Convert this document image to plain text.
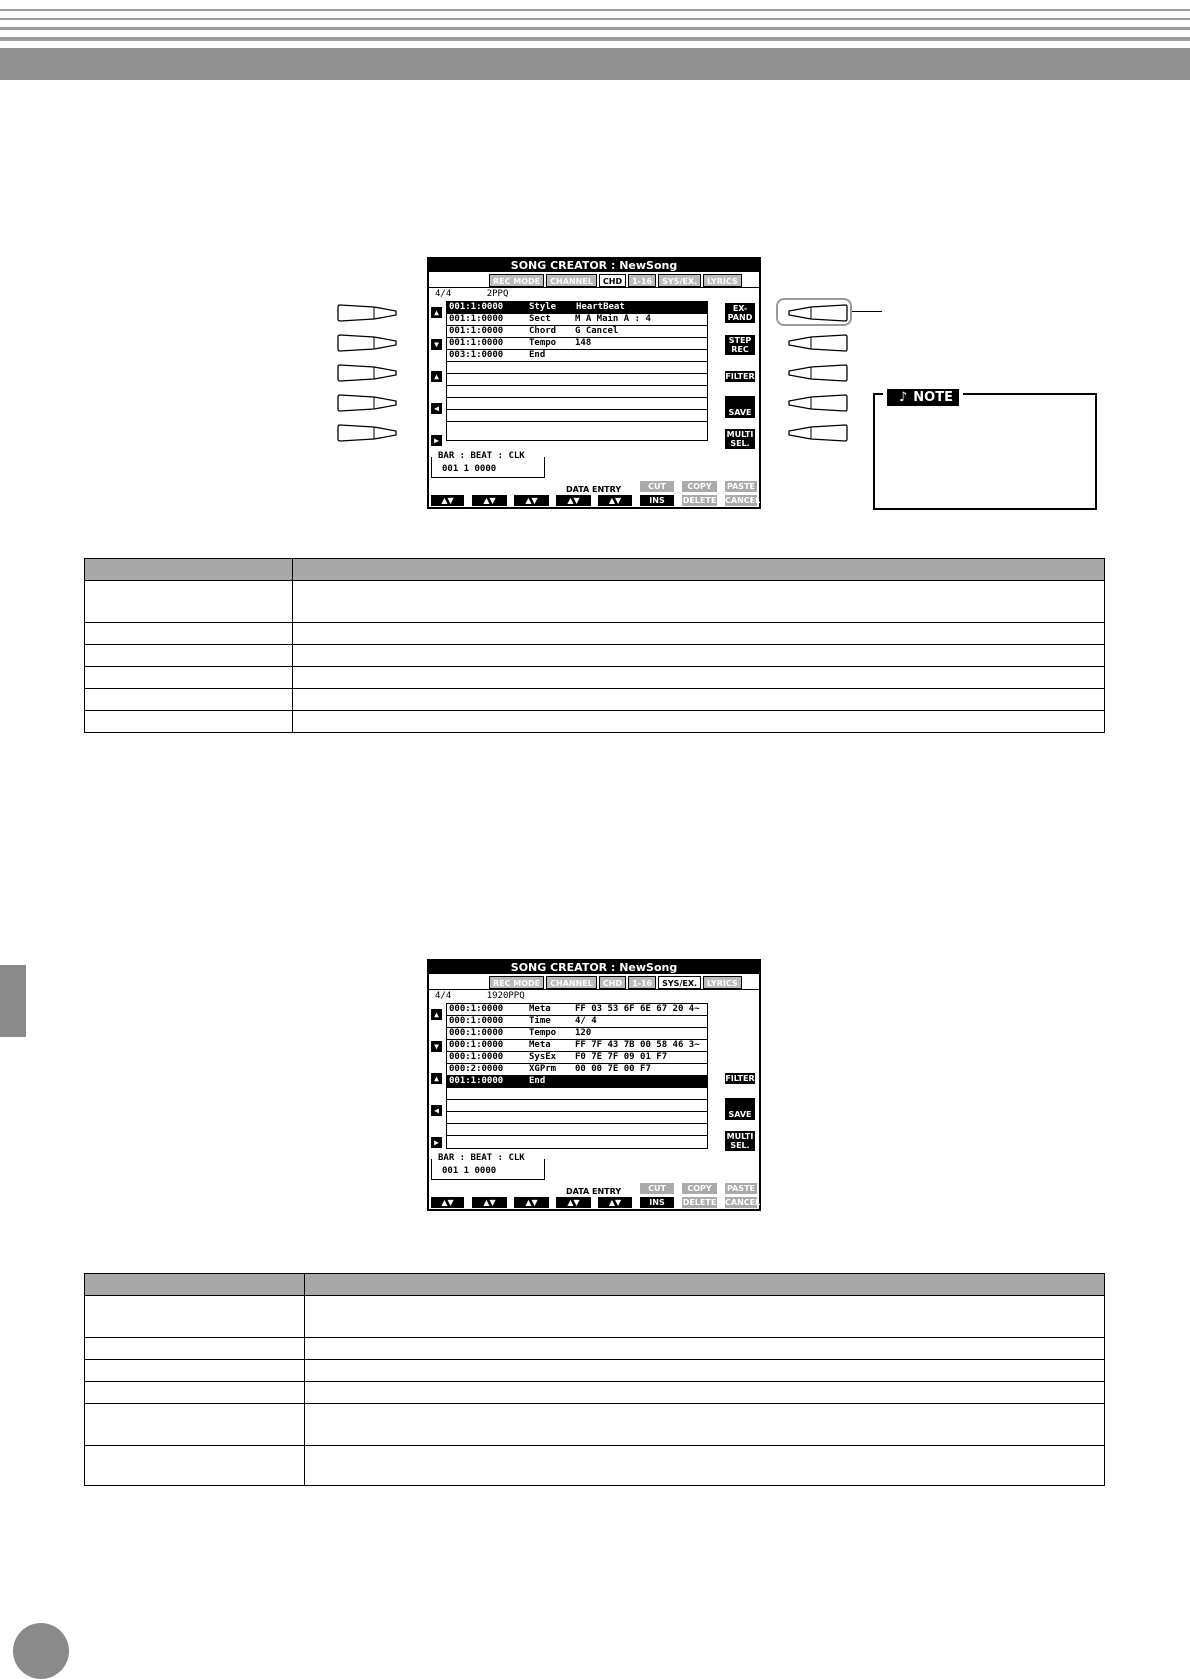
SONG CREATOR : NewSong
REC MODE	CHANNEL	CHD	1-16	SYS/EX.	LYRICS
4/4	2PPQ
▲
▼
▲
◀
▶
001:1:0000	Style HeartBeat
001:1:0000	Sect	M A Main A : 4
001:1:0000	Chord G Cancel
001:1:0000	Tempo 148
003:1:0000	End
EX-
PAND
STEP
REC
FILTER
SAVE
MULTI
SEL.
BAR : BEAT : CLK
001 1 0000
DATA ENTRY	CUT	COPY	PASTE
▲▼	▲▼	▲▼	▲▼	▲▼	INS	DELETE CANCEL
♪ NOTE

SONG CREATOR : NewSong
REC MODE	CHANNEL	CHD	1-16	SYS/EX.	LYRICS
4/4	1920PPQ
▲
▼
▲
◀
▶
000:1:0000	Meta	FF 03 53 6F 6E 67 20 4~
000:1:0000	Time	4/ 4
000:1:0000	Tempo 120
000:1:0000	Meta	FF 7F 43 7B 00 58 46 3~
000:1:0000	SysEx F0 7E 7F 09 01 F7
000:2:0000	XGPrm 00 00 7E 00 F7
001:1:0000	End	FILTER
SAVE
MULTI
SEL.
BAR : BEAT : CLK
001 1 0000
DATA ENTRY	CUT	COPY	PASTE
▲▼	▲▼	▲▼	▲▼	▲▼	INS	DELETE CANCEL
